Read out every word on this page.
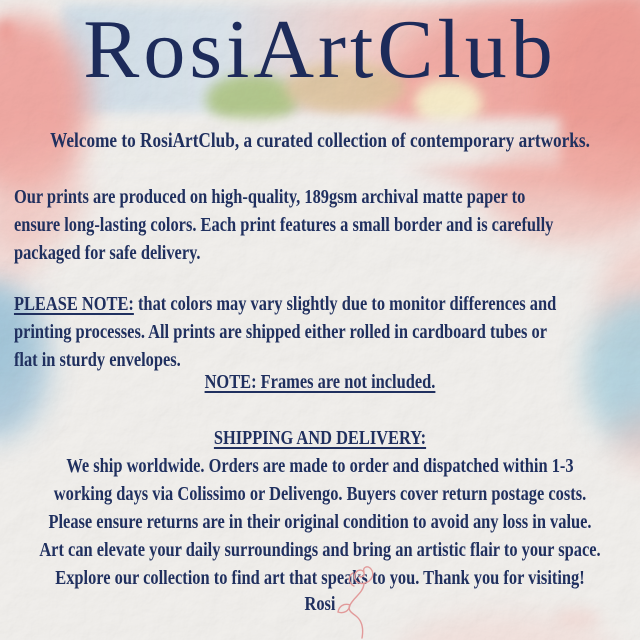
RosiArtClub
Welcome to RosiArtClub, a curated collection of contemporary artworks.
Our prints are produced on high-quality, 189gsm archival matte paper to
ensure long-lasting colors. Each print features a small border and is carefully
packaged for safe delivery.
PLEASE NOTE: that colors may vary slightly due to monitor differences and
printing processes. All prints are shipped either rolled in cardboard tubes or
flat in sturdy envelopes.
NOTE: Frames are not included.
SHIPPING AND DELIVERY:
We ship worldwide. Orders are made to order and dispatched within 1-3
working days via Colissimo or Delivengo. Buyers cover return postage costs.
Please ensure returns are in their original condition to avoid any loss in value.
Art can elevate your daily surroundings and bring an artistic flair to your space.
Explore our collection to find art that speaks to you. Thank you for visiting!
Rosi
